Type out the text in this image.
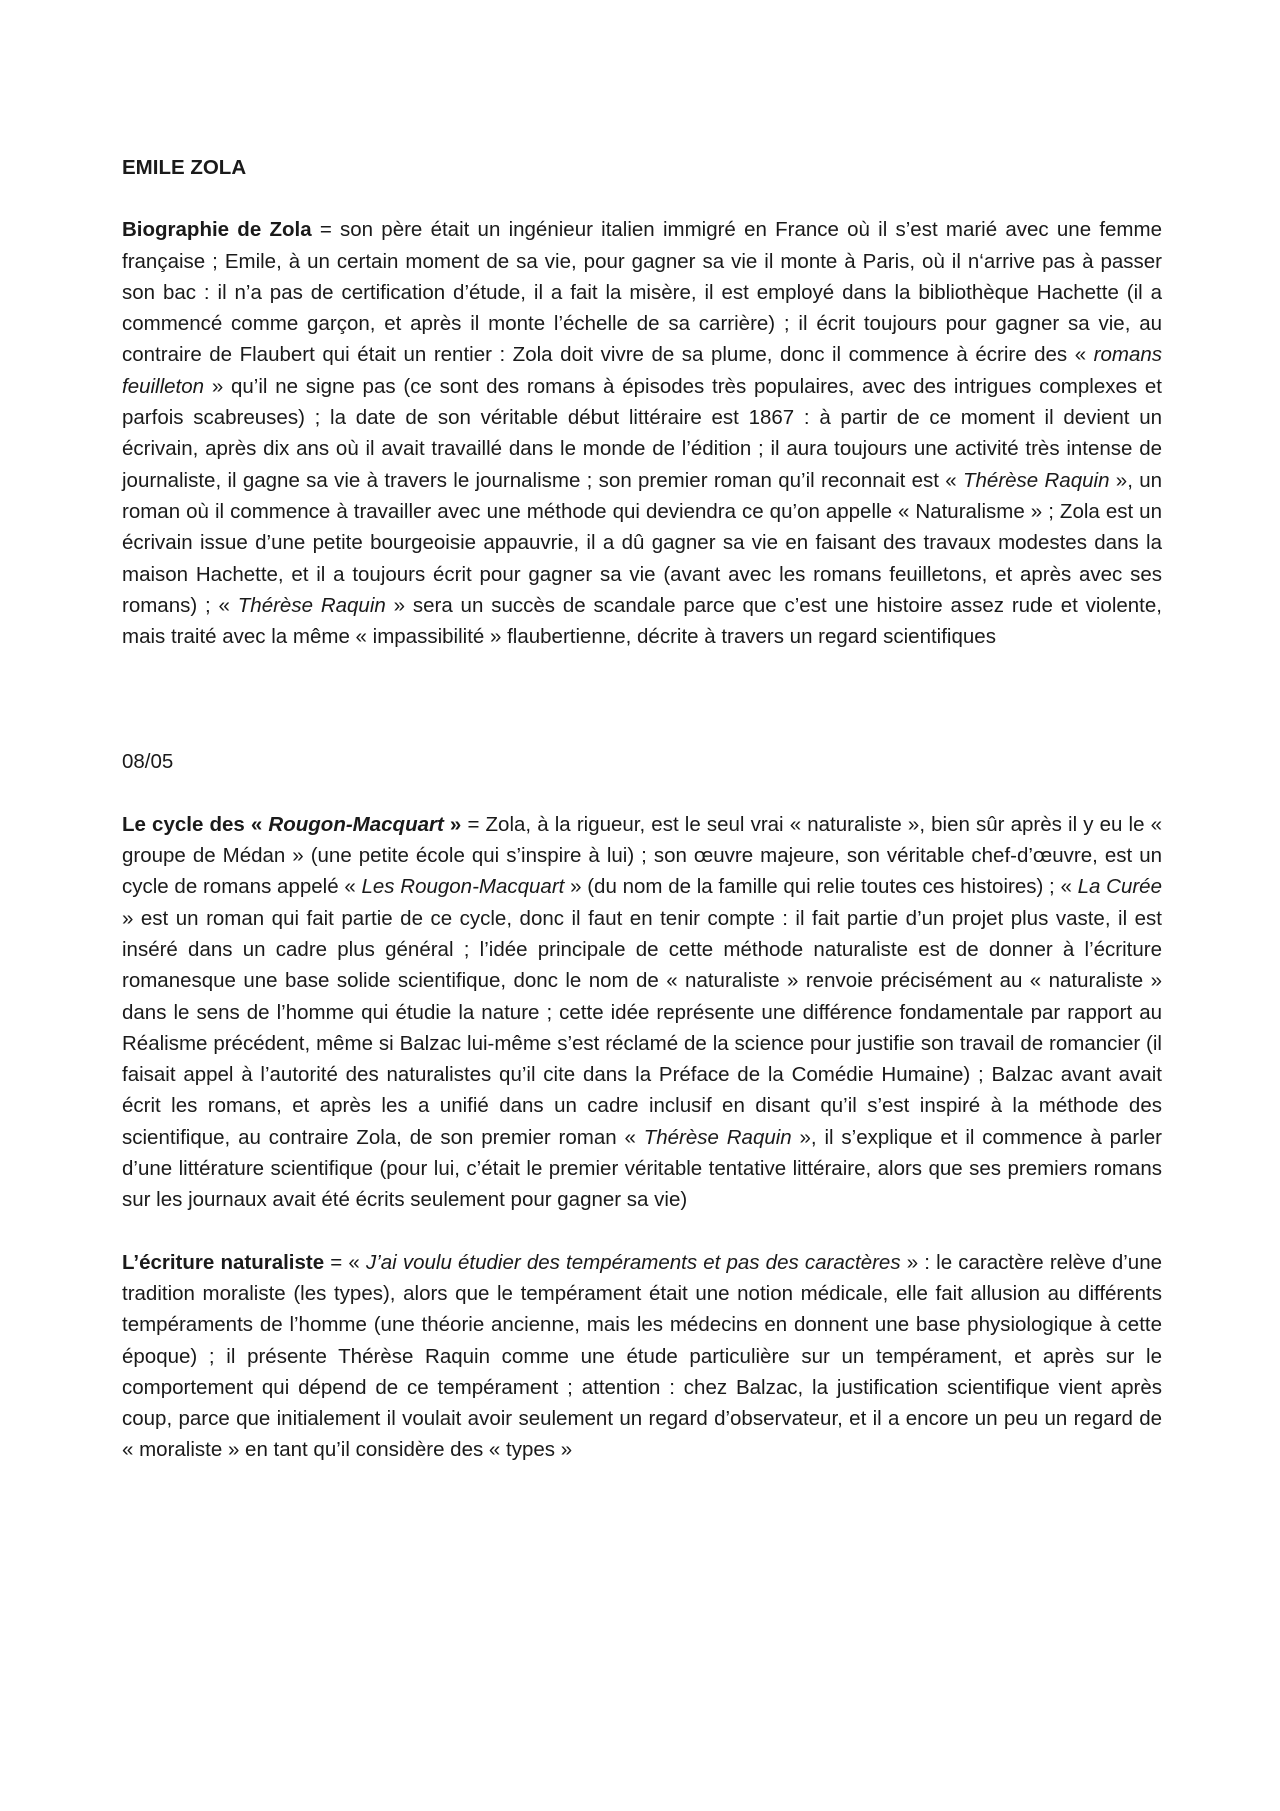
EMILE ZOLA

Biographie de Zola = son père était un ingénieur italien immigré en France où il s’est marié avec une femme française ; Emile, à un certain moment de sa vie, pour gagner sa vie il monte à Paris, où il n‘arrive pas à passer son bac : il n’a pas de certification d’étude, il a fait la misère, il est employé dans la bibliothèque Hachette (il a commencé comme garçon, et après il monte l’échelle de sa carrière) ; il écrit toujours pour gagner sa vie, au contraire de Flaubert qui était un rentier : Zola doit vivre de sa plume, donc il commence à écrire des « romans feuilleton » qu’il ne signe pas (ce sont des romans à épisodes très populaires, avec des intrigues complexes et parfois scabreuses) ; la date de son véritable début littéraire est 1867 : à partir de ce moment il devient un écrivain, après dix ans où il avait travaillé dans le monde de l’édition ; il aura toujours une activité très intense de journaliste, il gagne sa vie à travers le journalisme ; son premier roman qu’il reconnait est « Thérèse Raquin », un roman où il commence à travailler avec une méthode qui deviendra ce qu’on appelle « Naturalisme » ; Zola est un écrivain issue d’une petite bourgeoisie appauvrie, il a dû gagner sa vie en faisant des travaux modestes dans la maison Hachette, et il a toujours écrit pour gagner sa vie (avant avec les romans feuilletons, et après avec ses romans) ; « Thérèse Raquin » sera un succès de scandale parce que c’est une histoire assez rude et violente, mais traité avec la même « impassibilité » flaubertienne, décrite à travers un regard scientifiques

08/05

Le cycle des « Rougon-Macquart » = Zola, à la rigueur, est le seul vrai « naturaliste », bien sûr après il y eu le « groupe de Médan » (une petite école qui s’inspire à lui) ; son œuvre majeure, son véritable chef-d’œuvre, est un cycle de romans appelé « Les Rougon-Macquart » (du nom de la famille qui relie toutes ces histoires) ; « La Curée » est un roman qui fait partie de ce cycle, donc il faut en tenir compte : il fait partie d’un projet plus vaste, il est inséré dans un cadre plus général ; l’idée principale de cette méthode naturaliste est de donner à l’écriture romanesque une base solide scientifique, donc le nom de « naturaliste » renvoie précisément au « naturaliste » dans le sens de l’homme qui étudie la nature ; cette idée représente une différence fondamentale par rapport au Réalisme précédent, même si Balzac lui-même s’est réclamé de la science pour justifie son travail de romancier (il faisait appel à l’autorité des naturalistes qu’il cite dans la Préface de la Comédie Humaine) ; Balzac avant avait écrit les romans, et après les a unifié dans un cadre inclusif en disant qu’il s’est inspiré à la méthode des scientifique, au contraire Zola, de son premier roman « Thérèse Raquin », il s’explique et il commence à parler d’une littérature scientifique (pour lui, c’était le premier véritable tentative littéraire, alors que ses premiers romans sur les journaux avait été écrits seulement pour gagner sa vie)

L’écriture naturaliste = « J’ai voulu étudier des tempéraments et pas des caractères » : le caractère relève d’une tradition moraliste (les types), alors que le tempérament était une notion médicale, elle fait allusion au différents tempéraments de l’homme (une théorie ancienne, mais les médecins en donnent une base physiologique à cette époque) ; il présente Thérèse Raquin comme une étude particulière sur un tempérament, et après sur le comportement qui dépend de ce tempérament ; attention : chez Balzac, la justification scientifique vient après coup, parce que initialement il voulait avoir seulement un regard d’observateur, et il a encore un peu un regard de « moraliste » en tant qu’il considère des « types »
